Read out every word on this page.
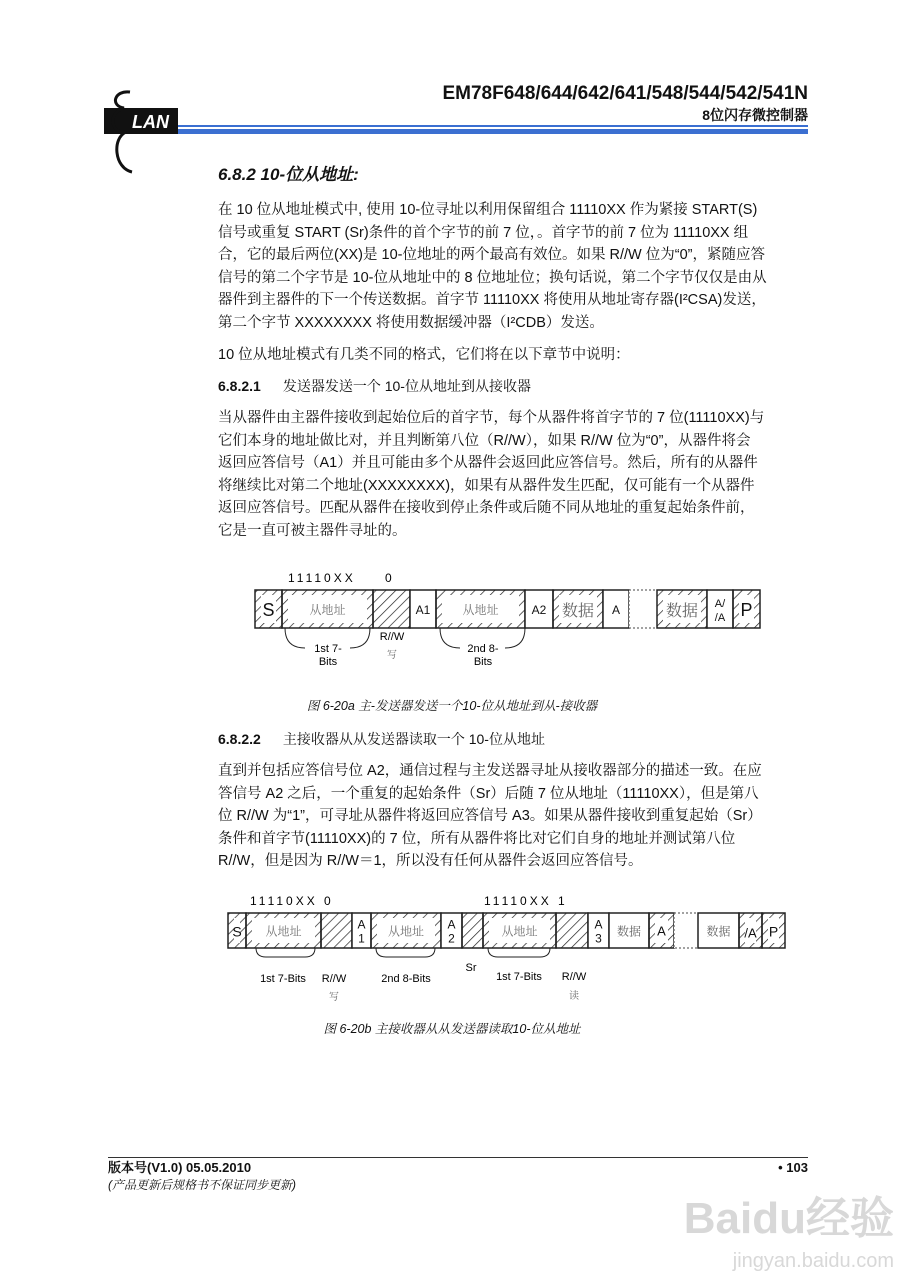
LAN
EM78F648/644/642/641/548/544/542/541N
8位闪存微控制器
6.8.2 10-位从地址:
在 10 位从地址模式中, 使用 10-位寻址以利用保留组合 11110XX 作为紧接 START(S)
信号或重复 START (Sr)条件的首个字节的前 7 位，。首字节的前 7 位为 11110XX 组
合，它的最后两位(XX)是 10-位地址的两个最高有效位。如果 R//W 位为“0”，紧随应答
信号的第二个字节是 10-位从地址中的 8 位地址位；换句话说，第二个字节仅仅是由从
器件到主器件的下一个传送数据。首字节 11110XX 将使用从地址寄存器(I²CSA)发送，
第二个字节 XXXXXXXX 将使用数据缓冲器（I²CDB）发送。
10 位从地址模式有几类不同的格式，它们将在以下章节中说明：
6.8.2.1 发送器发送一个 10-位从地址到从接收器
当从器件由主器件接收到起始位后的首字节，每个从器件将首字节的 7 位(11110XX)与
它们本身的地址做比对，并且判断第八位（R//W），如果 R//W 位为“0”，从器件将会
返回应答信号（A1）并且可能由多个从器件会返回此应答信号。然后，所有的从器件
将继续比对第二个地址(XXXXXXXX)，如果有从器件发生匹配，仅可能有一个从器件
返回应答信号。匹配从器件在接收到停止条件或后随不同从地址的重复起始条件前，
它是一直可被主器件寻址的。
S	从地址	A1	从地址	A2 数据 A	数据 A/
/A P
11110XX 0
1st 7-
Bits
R//W
写
2nd 8-
Bits
图 6-20a 主-发送器发送一个10-位从地址到从-接收器
6.8.2.2 主接收器从从发送器读取一个 10-位从地址
直到并包括应答信号位 A2，通信过程与主发送器寻址从接收器部分的描述一致。在应
答信号 A2 之后，一个重复的起始条件（Sr）后随 7 位从地址（11110XX），但是第八
位 R//W 为“1”，可寻址从器件将返回应答信号 A3。如果从器件接收到重复起始（Sr）
条件和首字节(11110XX)的 7 位，所有从器件将比对它们自身的地址并测试第八位
R//W，但是因为 R//W＝1，所以没有任何从器件会返回应答信号。
S 从地址	A
1 从地址 A
2	从地址	A
3 数据 A	数据 /A P
11110XX 0	11110XX 1
1st 7-Bits R//W
写
2nd 8-Bits
Sr
1st 7-Bits R//W
读
图 6-20b 主接收器从从发送器读取10-位从地址
版本号(V1.0) 05.05.2010
(产品更新后规格书不保证同步更新)
• 103
Baidu经验
jingyan.baidu.com
